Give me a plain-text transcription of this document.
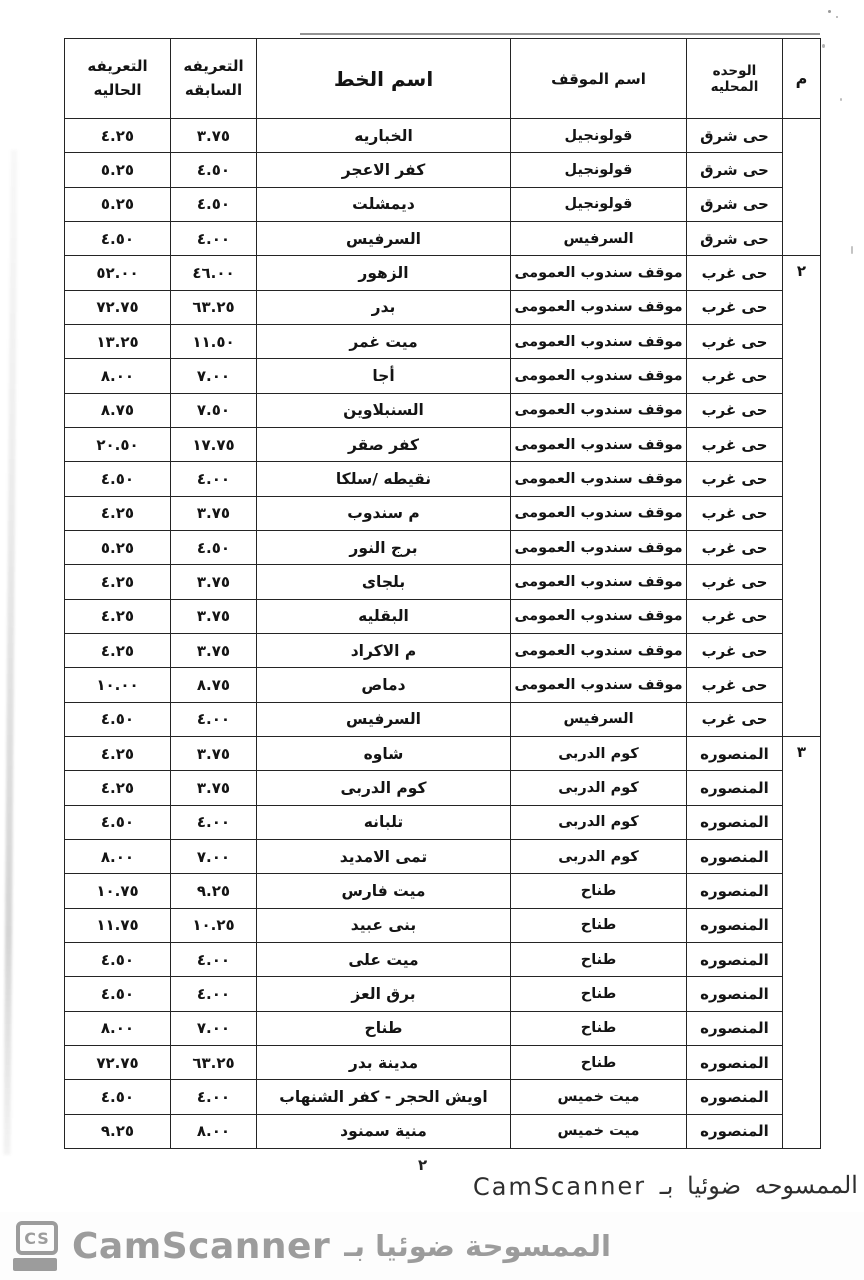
م	الوحده المحليه	اسم الموقف	اسم الخط	التعريفه السابقه	التعريفه الحاليه
	حى شرق	قولونجيل	الخباريه	٣.٧٥	٤.٢٥
	حى شرق	قولونجيل	كفر الاعجر	٤.٥٠	٥.٢٥
	حى شرق	قولونجيل	ديمشلت	٤.٥٠	٥.٢٥
	حى شرق	السرفيس	السرفيس	٤.٠٠	٤.٥٠
٢	حى غرب	موقف سندوب العمومى	الزهور	٤٦.٠٠	٥٢.٠٠
	حى غرب	موقف سندوب العمومى	بدر	٦٣.٢٥	٧٢.٧٥
	حى غرب	موقف سندوب العمومى	ميت غمر	١١.٥٠	١٣.٢٥
	حى غرب	موقف سندوب العمومى	أجا	٧.٠٠	٨.٠٠
	حى غرب	موقف سندوب العمومى	السنبلاوين	٧.٥٠	٨.٧٥
	حى غرب	موقف سندوب العمومى	كفر صقر	١٧.٧٥	٢٠.٥٠
	حى غرب	موقف سندوب العمومى	نقيطه /سلكا	٤.٠٠	٤.٥٠
	حى غرب	موقف سندوب العمومى	م سندوب	٣.٧٥	٤.٢٥
	حى غرب	موقف سندوب العمومى	برج النور	٤.٥٠	٥.٢٥
	حى غرب	موقف سندوب العمومى	بلجاى	٣.٧٥	٤.٢٥
	حى غرب	موقف سندوب العمومى	البقليه	٣.٧٥	٤.٢٥
	حى غرب	موقف سندوب العمومى	م الاكراد	٣.٧٥	٤.٢٥
	حى غرب	موقف سندوب العمومى	دماص	٨.٧٥	١٠.٠٠
	حى غرب	السرفيس	السرفيس	٤.٠٠	٤.٥٠
٣	المنصوره	كوم الدربى	شاوه	٣.٧٥	٤.٢٥
	المنصوره	كوم الدربى	كوم الدربى	٣.٧٥	٤.٢٥
	المنصوره	كوم الدربى	تلبانه	٤.٠٠	٤.٥٠
	المنصوره	كوم الدربى	تمى الامديد	٧.٠٠	٨.٠٠
	المنصوره	طناح	ميت فارس	٩.٢٥	١٠.٧٥
	المنصوره	طناح	بنى عبيد	١٠.٢٥	١١.٧٥
	المنصوره	طناح	ميت على	٤.٠٠	٤.٥٠
	المنصوره	طناح	برق العز	٤.٠٠	٤.٥٠
	المنصوره	طناح	طناح	٧.٠٠	٨.٠٠
	المنصوره	طناح	مدينة بدر	٦٣.٢٥	٧٢.٧٥
	المنصوره	ميت خميس	اويش الحجر - كفر الشنهاب	٤.٠٠	٤.٥٠
	المنصوره	ميت خميس	منية سمنود	٨.٠٠	٩.٢٥
٢
الممسوحه ضوئيا بـ CamScanner
CS CamScanner الممسوحة ضوئيا بـ
